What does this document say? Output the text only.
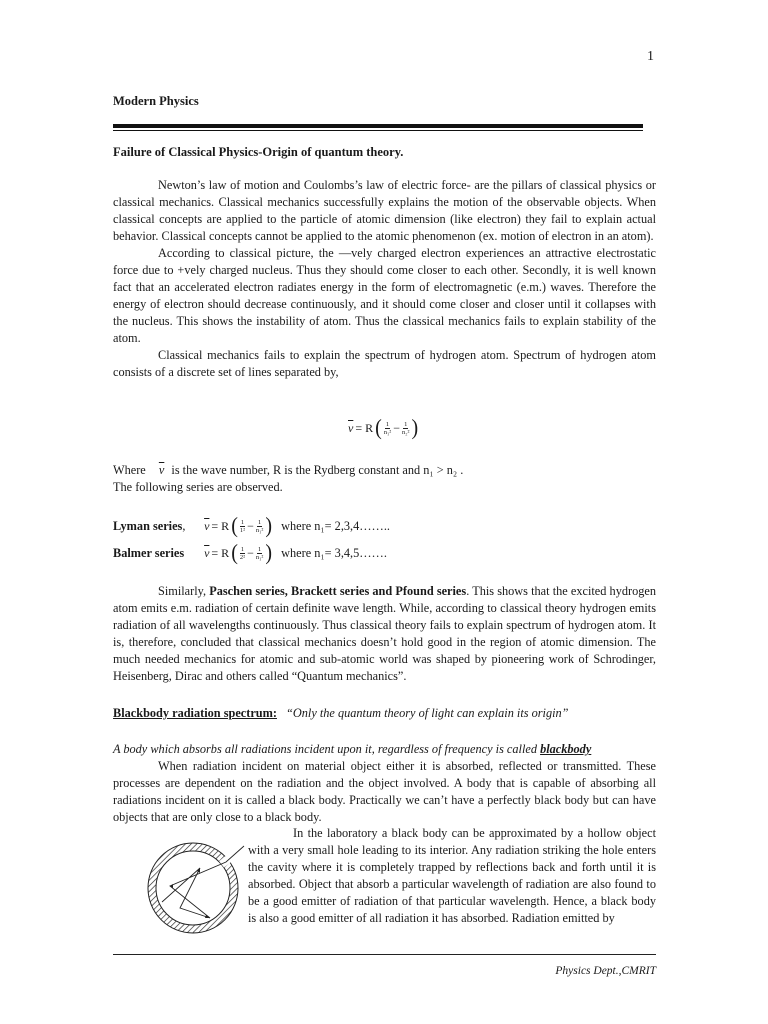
1
Modern Physics
Failure of Classical Physics-Origin of quantum theory.

Newton’s law of motion and Coulombs’s law of electric force- are the pillars of classical physics or classical mechanics. Classical mechanics successfully explains the motion of the observable objects. When classical concepts are applied to the particle of atomic dimension (like electron) they fail to explain actual behavior. Classical concepts cannot be applied to the atomic phenomenon (ex. motion of electron in an atom).

According to classical picture, the —vely charged electron experiences an attractive electrostatic force due to +vely charged nucleus. Thus they should come closer to each other. Secondly, it is well known fact that an accelerated electron radiates energy in the form of electromagnetic (e.m.) waves. Therefore the energy of electron should decrease continuously, and it should come closer and closer until it collapses with the nucleus. This shows the instability of atom. Thus the classical mechanics fails to explain stability of the atom.

Classical mechanics fails to explain the spectrum of hydrogen atom. Spectrum of hydrogen atom consists of a discrete set of lines separated by,

$\overline{v} = R$ ( $\frac{1}{\text{n₁²}} - \frac{1}{\text{n₂²}}$ )
Where $\overline{v}$ is the wave number, R is the Rydberg constant and n₁ > n₂ .
The following series are observed.
Lyman series, $\overline{v} = R$ ( $\frac{1}{\text{1²}} - \frac{1}{\text{n₁²}}$ ) where n₁= 2,3,4……..
Balmer series $\overline{v} = R$ ( $\frac{1}{\text{2²}} - \frac{1}{\text{n₁²}}$ ) where n₁= 3,4,5…….

Similarly, Paschen series, Brackett series and Pfound series. This shows that the excited hydrogen atom emits e.m. radiation of certain definite wave length. While, according to classical theory hydrogen emits radiation of all wavelengths continuously. Thus classical theory fails to explain spectrum of hydrogen atom. It is, therefore, concluded that classical mechanics doesn’t hold good in the region of atomic dimension. The much needed mechanics for atomic and sub-atomic world was shaped by pioneering work of Schrodinger, Heisenberg, Dirac and others called “Quantum mechanics”.

Blackbody radiation spectrum: “Only the quantum theory of light can explain its origin”
A body which absorbs all radiations incident upon it, regardless of frequency is called blackbody

When radiation incident on material object either it is absorbed, reflected or transmitted. These processes are dependent on the radiation and the object involved. A body that is capable of absorbing all radiations incident on it is called a black body. Practically we can’t have a perfectly black body but can have objects that are only close to a black body.

In the laboratory a black body can be approximated by a hollow object with a very small hole leading to its interior. Any radiation striking the hole enters the cavity where it is completely trapped by reflections back and forth until it is absorbed. Object that absorb a particular wavelength of radiation are also found to be a good emitter of radiation of that particular wavelength. Hence, a black body is also a good emitter of all radiation it has absorbed. Radiation emitted by

Physics Dept.,CMRIT
